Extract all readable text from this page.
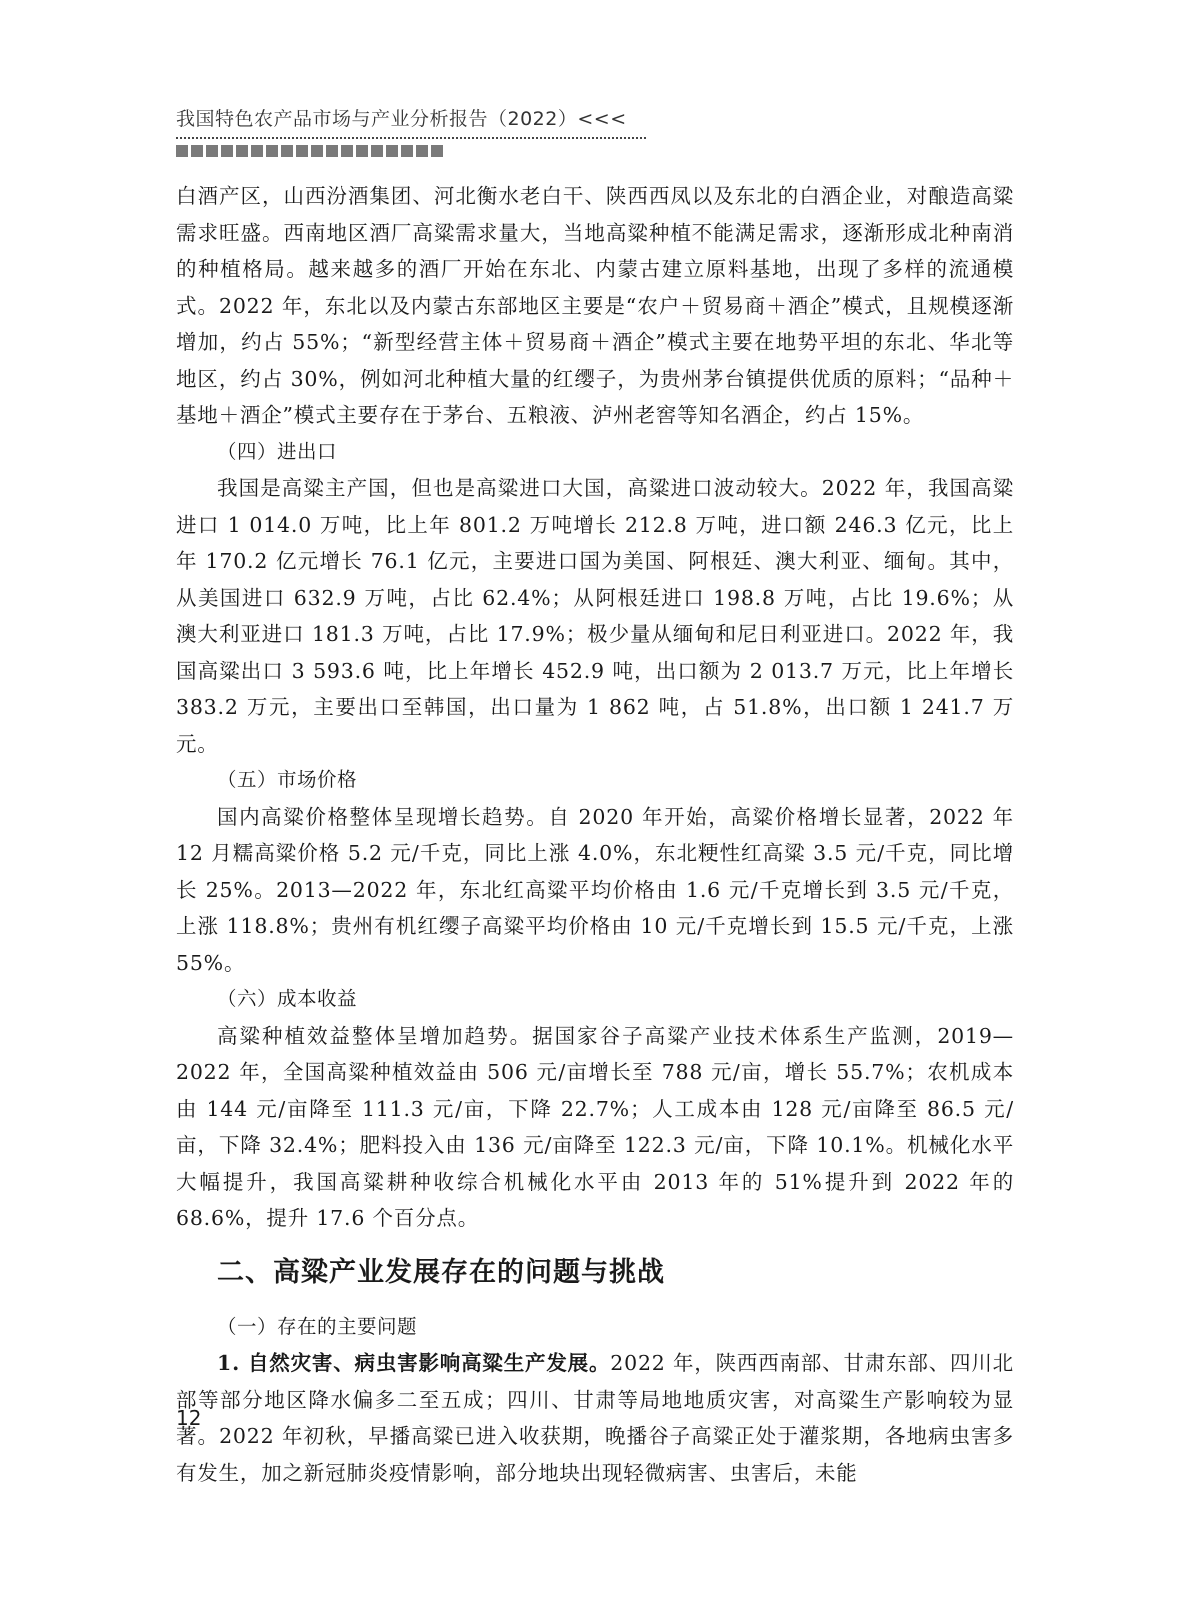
我国特色农产品市场与产业分析报告（2022）<<<

白酒产区，山西汾酒集团、河北衡水老白干、陕西西凤以及东北的白酒企业，对酿造高粱需求旺盛。西南地区酒厂高粱需求量大，当地高粱种植不能满足需求，逐渐形成北种南消的种植格局。越来越多的酒厂开始在东北、内蒙古建立原料基地，出现了多样的流通模式。2022 年，东北以及内蒙古东部地区主要是“农户＋贸易商＋酒企”模式，且规模逐渐增加，约占 55%；“新型经营主体＋贸易商＋酒企”模式主要在地势平坦的东北、华北等地区，约占 30%，例如河北种植大量的红缨子，为贵州茅台镇提供优质的原料；“品种＋基地＋酒企”模式主要存在于茅台、五粮液、泸州老窖等知名酒企，约占 15%。

（四）进出口

我国是高粱主产国，但也是高粱进口大国，高粱进口波动较大。2022 年，我国高粱进口 1 014.0 万吨，比上年 801.2 万吨增长 212.8 万吨，进口额 246.3 亿元，比上年 170.2 亿元增长 76.1 亿元，主要进口国为美国、阿根廷、澳大利亚、缅甸。其中，从美国进口 632.9 万吨，占比 62.4%；从阿根廷进口 198.8 万吨，占比 19.6%；从澳大利亚进口 181.3 万吨，占比 17.9%；极少量从缅甸和尼日利亚进口。2022 年，我国高粱出口 3 593.6 吨，比上年增长 452.9 吨，出口额为 2 013.7 万元，比上年增长 383.2 万元，主要出口至韩国，出口量为 1 862 吨，占 51.8%，出口额 1 241.7 万元。

（五）市场价格

国内高粱价格整体呈现增长趋势。自 2020 年开始，高粱价格增长显著，2022 年 12 月糯高粱价格 5.2 元/千克，同比上涨 4.0%，东北粳性红高粱 3.5 元/千克，同比增长 25%。2013—2022 年，东北红高粱平均价格由 1.6 元/千克增长到 3.5 元/千克，上涨 118.8%；贵州有机红缨子高粱平均价格由 10 元/千克增长到 15.5 元/千克，上涨 55%。

（六）成本收益

高粱种植效益整体呈增加趋势。据国家谷子高粱产业技术体系生产监测，2019—2022 年，全国高粱种植效益由 506 元/亩增长至 788 元/亩，增长 55.7%；农机成本由 144 元/亩降至 111.3 元/亩，下降 22.7%；人工成本由 128 元/亩降至 86.5 元/亩，下降 32.4%；肥料投入由 136 元/亩降至 122.3 元/亩，下降 10.1%。机械化水平大幅提升，我国高粱耕种收综合机械化水平由 2013 年的 51%提升到 2022 年的 68.6%，提升 17.6 个百分点。

二、高粱产业发展存在的问题与挑战
（一）存在的主要问题

1. 自然灾害、病虫害影响高粱生产发展。2022 年，陕西西南部、甘肃东部、四川北部等部分地区降水偏多二至五成；四川、甘肃等局地地质灾害，对高粱生产影响较为显著。2022 年初秋，早播高粱已进入收获期，晚播谷子高粱正处于灌浆期，各地病虫害多有发生，加之新冠肺炎疫情影响，部分地块出现轻微病害、虫害后，未能

12
